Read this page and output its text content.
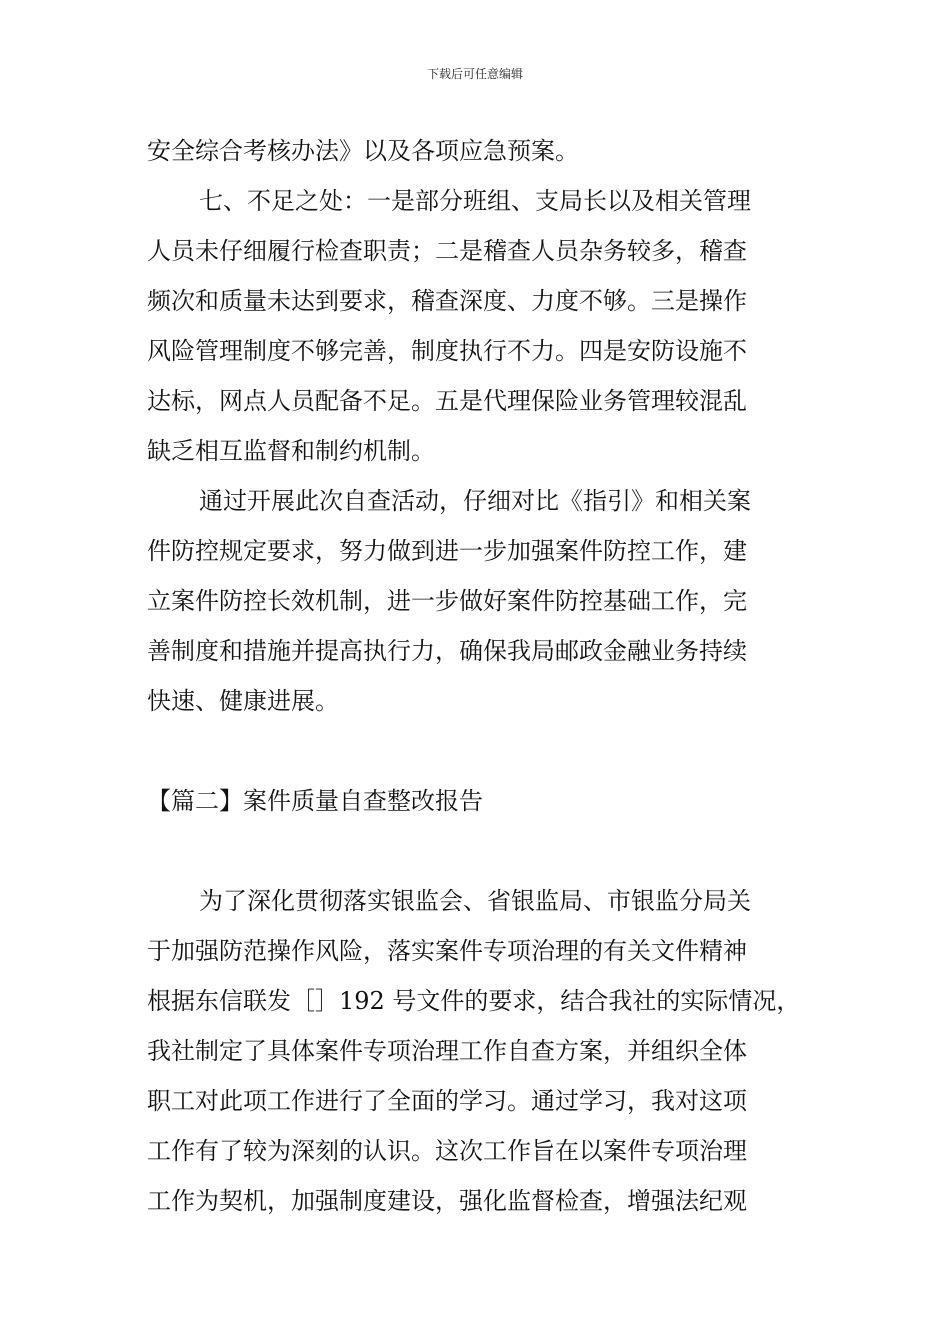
下载后可任意编辑
安全综合考核办法》以及各项应急预案。
七、不足之处：一是部分班组、支局长以及相关管理
人员未仔细履行检查职责；二是稽查人员杂务较多，稽查
频次和质量未达到要求，稽查深度、力度不够。三是操作
风险管理制度不够完善，制度执行不力。四是安防设施不
达标，网点人员配备不足。五是代理保险业务管理较混乱
缺乏相互监督和制约机制。
通过开展此次自查活动，仔细对比《指引》和相关案
件防控规定要求，努力做到进一步加强案件防控工作，建
立案件防控长效机制，进一步做好案件防控基础工作，完
善制度和措施并提高执行力，确保我局邮政金融业务持续
快速、健康进展。
【篇二】案件质量自查整改报告
为了深化贯彻落实银监会、省银监局、市银监分局关
于加强防范操作风险，落实案件专项治理的有关文件精神
根据东信联发［］192 号文件的要求，结合我社的实际情况，
我社制定了具体案件专项治理工作自查方案，并组织全体
职工对此项工作进行了全面的学习。通过学习，我对这项
工作有了较为深刻的认识。这次工作旨在以案件专项治理
工作为契机，加强制度建设，强化监督检查，增强法纪观
